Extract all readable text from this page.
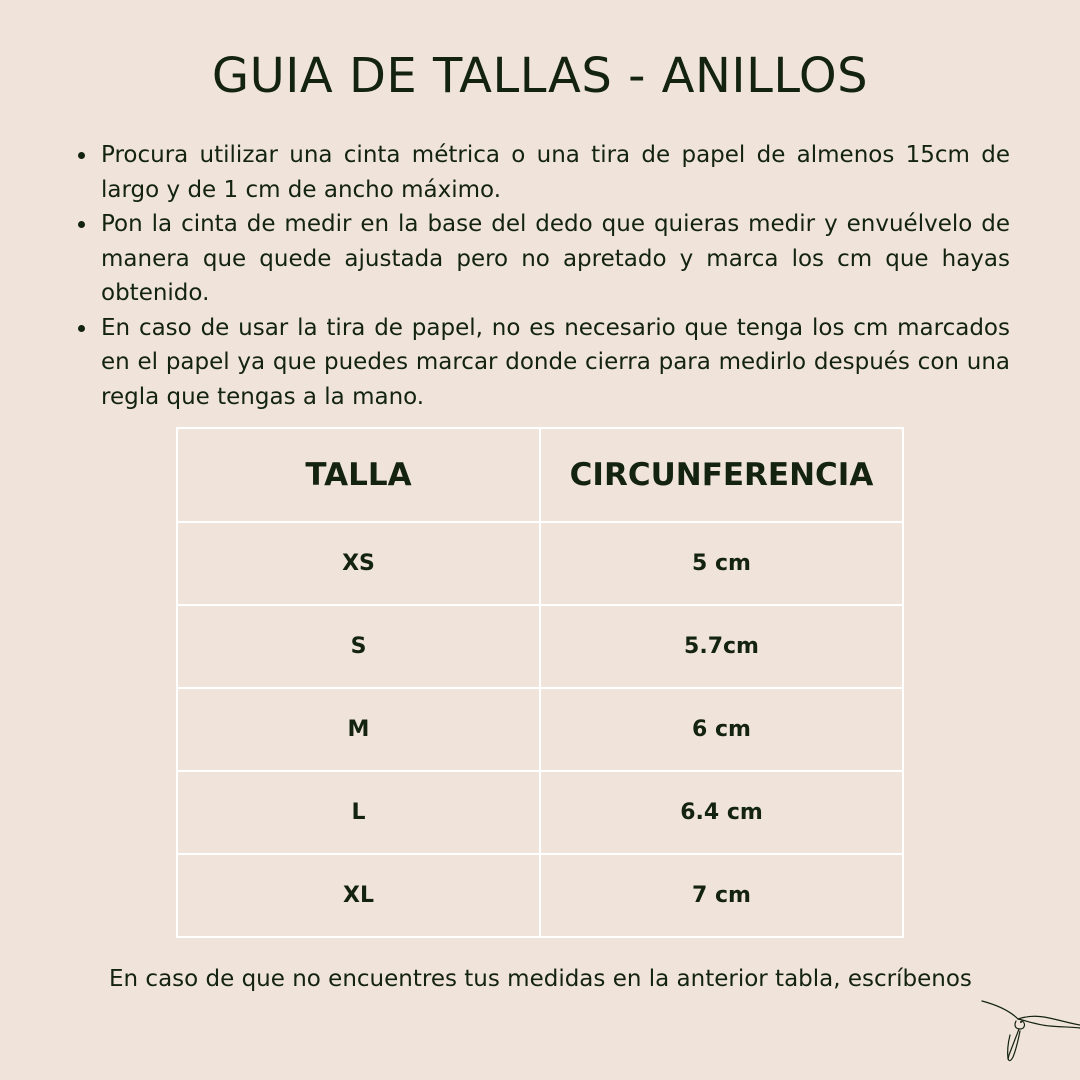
GUIA DE TALLAS - ANILLOS
Procura utilizar una cinta métrica o una tira de papel de almenos 15cm de largo y de 1 cm de ancho máximo.
Pon la cinta de medir en la base del dedo que quieras medir y envuélvelo de manera que quede ajustada pero no apretado y marca los cm que hayas obtenido.
En caso de usar la tira de papel, no es necesario que tenga los cm marcados en el papel ya que puedes marcar donde cierra para medirlo después con una regla que tengas a la mano.
TALLA	CIRCUNFERENCIA
XS	5 cm
S	5.7cm
M	6 cm
L	6.4 cm
XL	7 cm

En caso de que no encuentres tus medidas en la anterior tabla, escríbenos
